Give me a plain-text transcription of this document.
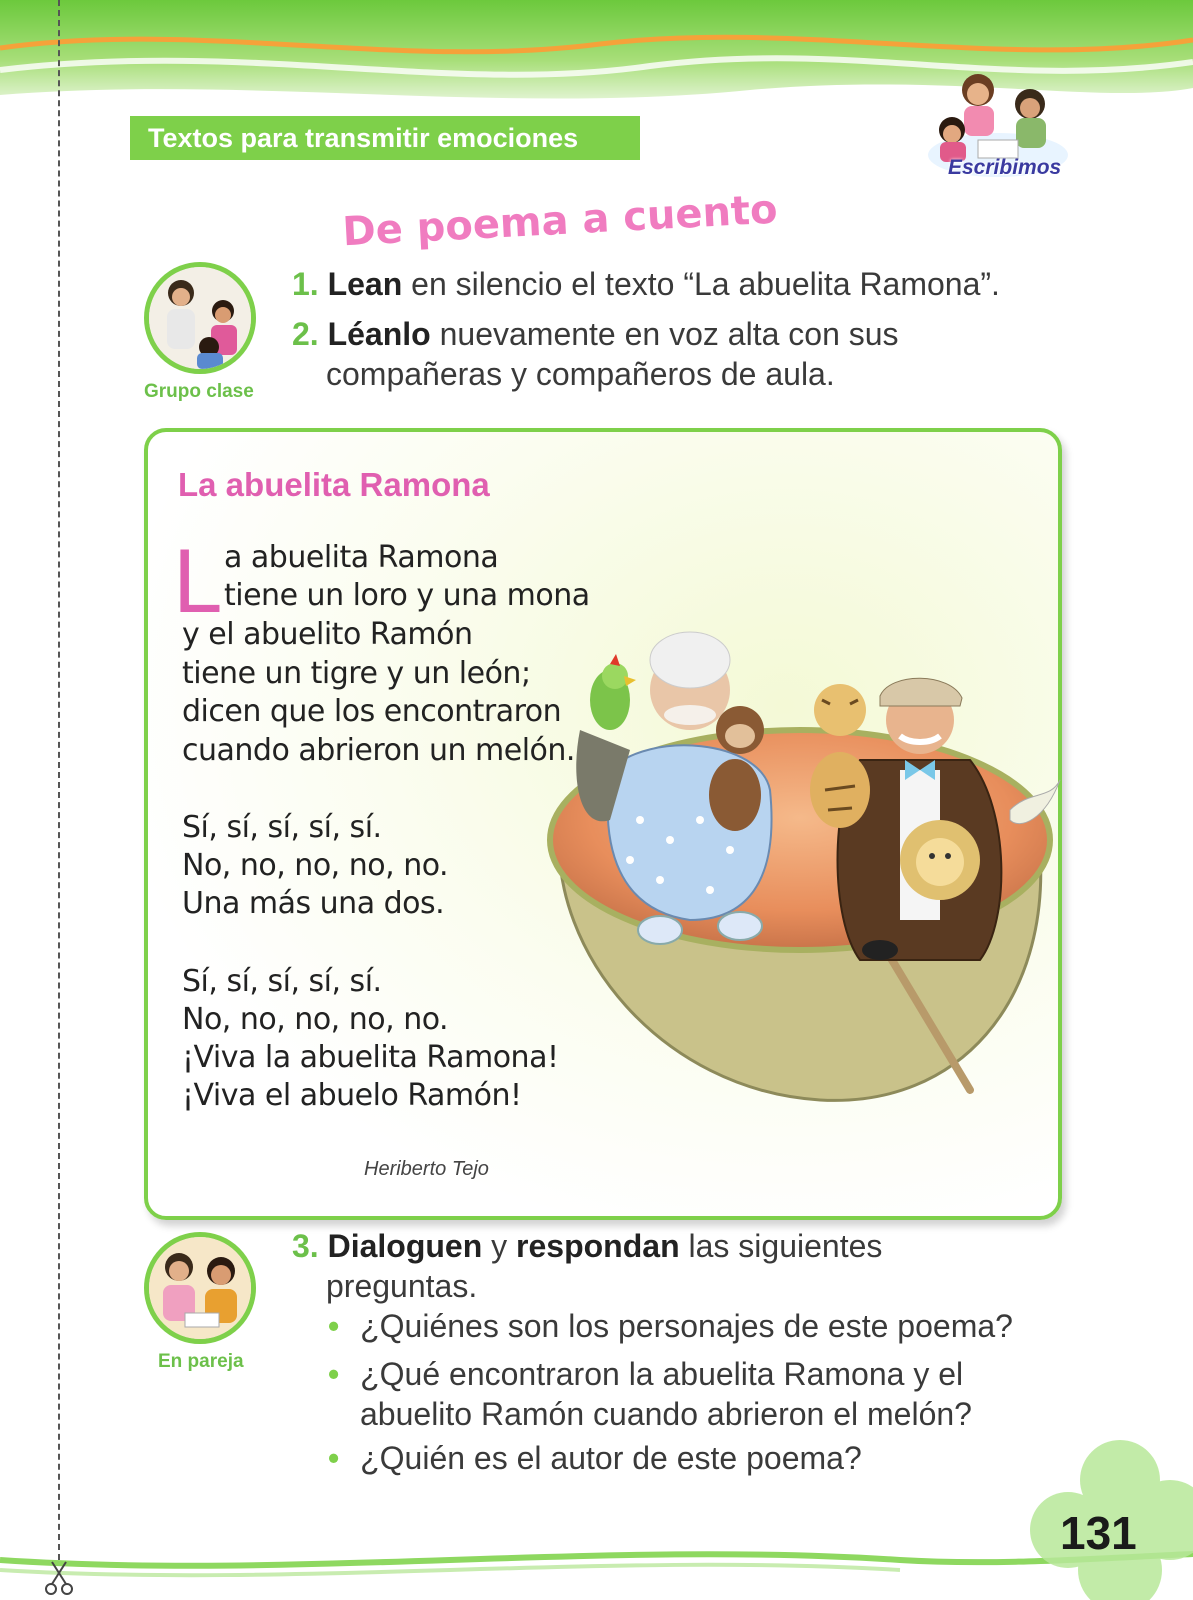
Textos para transmitir emociones
Escribimos
De poema a cuento
Grupo clase
1. Lean en silencio el texto “La abuelita Ramona”.
2. Léanlo nuevamente en voz alta con sus
compañeras y compañeros de aula.
La abuelita Ramona
L a abuelita Ramona
tiene un loro y una mona
y el abuelito Ramón
tiene un tigre y un león;
dicen que los encontraron
cuando abrieron un melón.
Sí, sí, sí, sí, sí.
No, no, no, no, no.
Una más una dos.
Sí, sí, sí, sí, sí.
No, no, no, no, no.
¡Viva la abuelita Ramona!
¡Viva el abuelo Ramón!
Heriberto Tejo
En pareja
3. Dialoguen y respondan las siguientes
preguntas.
• ¿Quiénes son los personajes de este poema?
• ¿Qué encontraron la abuelita Ramona y el
abuelito Ramón cuando abrieron el melón?
• ¿Quién es el autor de este poema?
131
